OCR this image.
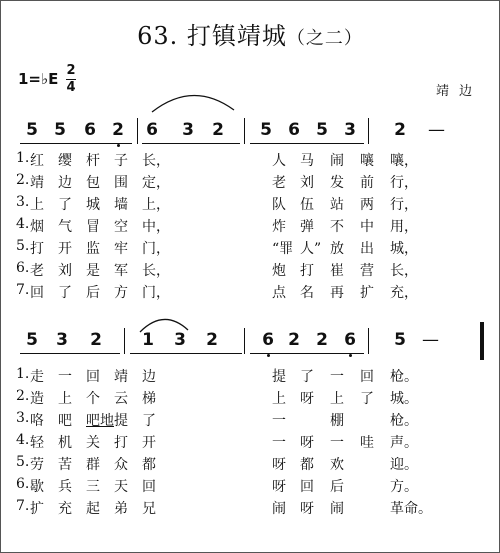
63. 打镇靖城（之二）
1=♭E 2
4	靖边
5 5 6 2 6 3 2 5 6 5 3 2 —
5 3 2 1 3 2	6 2 2 6 5 —
1. 红 缨 杆 子 长，	人 马 闹 嚷 嚷，
2. 靖 边 包 围 定，	老 刘 发 前 行，
3. 上 了 城 墙 上，	队 伍 站 两 行，
4. 烟 气 冒 空 中，	炸 弹 不 中 用，
5. 打 开 监 牢 门，	“罪 人” 放 出 城，
6. 老 刘 是 军 长，	炮 打 崔 营 长，
7. 回 了 后 方 门，	点 名 再 扩 充，
1. 走 一 回 靖 边	提 了 一 回 枪。
2. 造 上 个 云 梯	上 呀 上 了 城。
3. 咯 吧 吧地 提 了	一	棚	枪。
4. 轻 机 关 打 开	一 呀 一 哇 声。
5. 劳 苦 群 众 都	呀 都 欢	迎。
6. 歇 兵 三 天 回	呀 回 后	方。
7. 扩 充 起 弟 兄	闹 呀 闹	革命。
